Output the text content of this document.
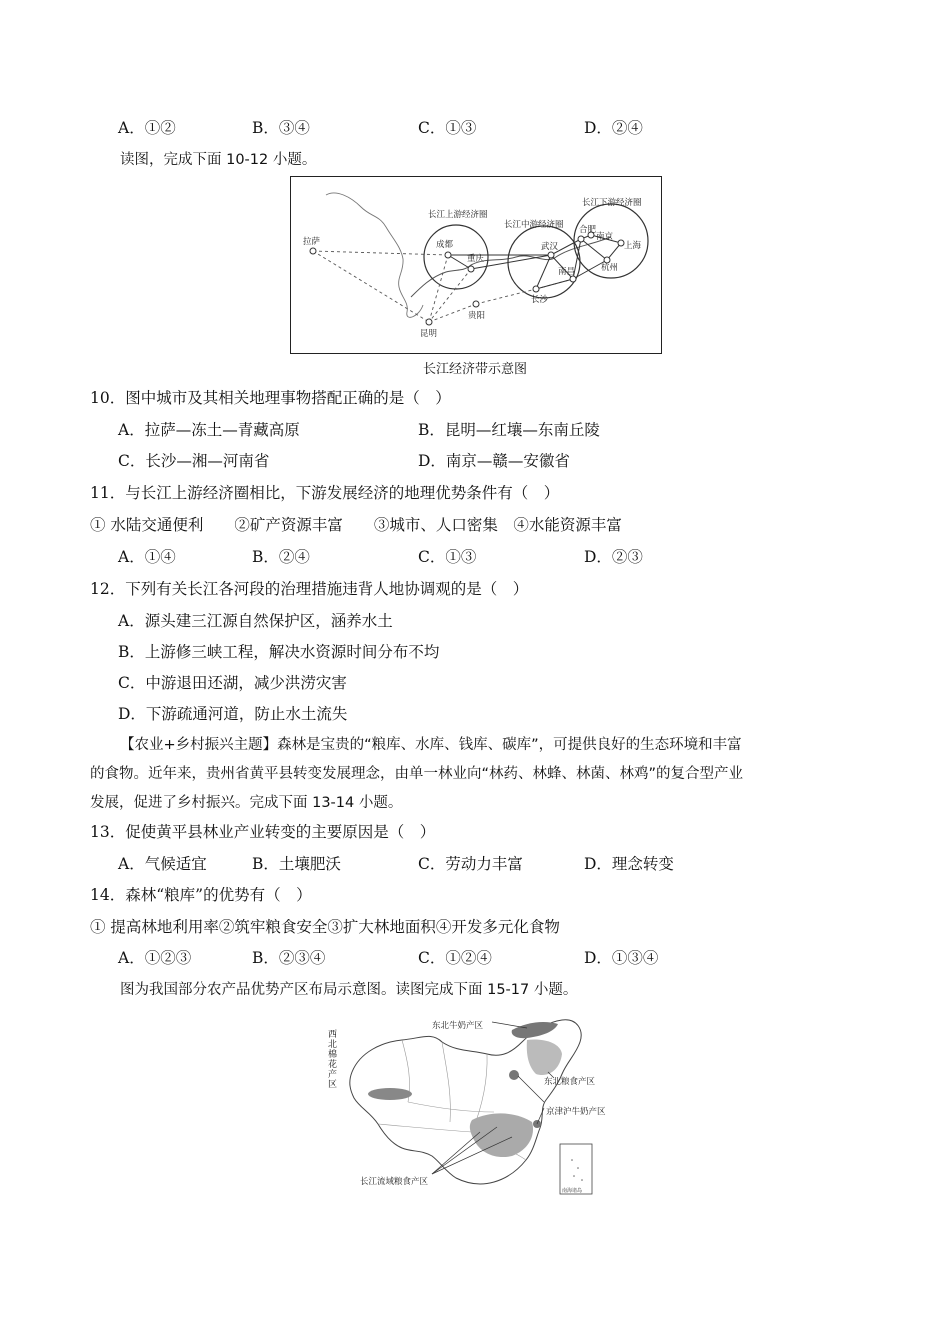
A．①②	B．③④	C．①③	D．②④
读图，完成下面 10-12 小题。
长江上游经济圈
长江中游经济圈
长江下游经济圈
拉萨	成都
重庆
昆明
贵阳
武汉
南昌
长沙
合肥
南京
上海
杭州
长江经济带示意图
10．图中城市及其相关地理事物搭配正确的是（　）
A．拉萨—冻土—青藏高原	B．昆明—红壤—东南丘陵
C．长沙—湘—河南省	D．南京—赣—安徽省
11．与长江上游经济圈相比，下游发展经济的地理优势条件有（　）
① 水陆交通便利　　②矿产资源丰富　　③城市、人口密集　④水能资源丰富
A．①④	B．②④	C．①③	D．②③
12．下列有关长江各河段的治理措施违背人地协调观的是（　）
A．源头建三江源自然保护区，涵养水土
B．上游修三峡工程，解决水资源时间分布不均
C．中游退田还湖，减少洪涝灾害
D．下游疏通河道，防止水土流失
【农业+乡村振兴主题】森林是宝贵的“粮库、水库、钱库、碳库”，可提供良好的生态环境和丰富
的食物。近年来，贵州省黄平县转变发展理念，由单一林业向“林药、林蜂、林菌、林鸡”的复合型产业
发展，促进了乡村振兴。完成下面 13-14 小题。
13．促使黄平县林业产业转变的主要原因是（　）
A．气候适宜	B．土壤肥沃	C．劳动力丰富	D．理念转变
14．森林“粮库”的优势有（　）
① 提高林地利用率②筑牢粮食安全③扩大林地面积④开发多元化食物
A．①②③	B．②③④	C．①②④	D．①③④
图为我国部分农产品优势产区布局示意图。读图完成下面 15-17 小题。
南海诸岛
东北牛奶产区
东北粮食产区
京津沪牛奶产区
长江流域粮食产区
西北棉花产区
